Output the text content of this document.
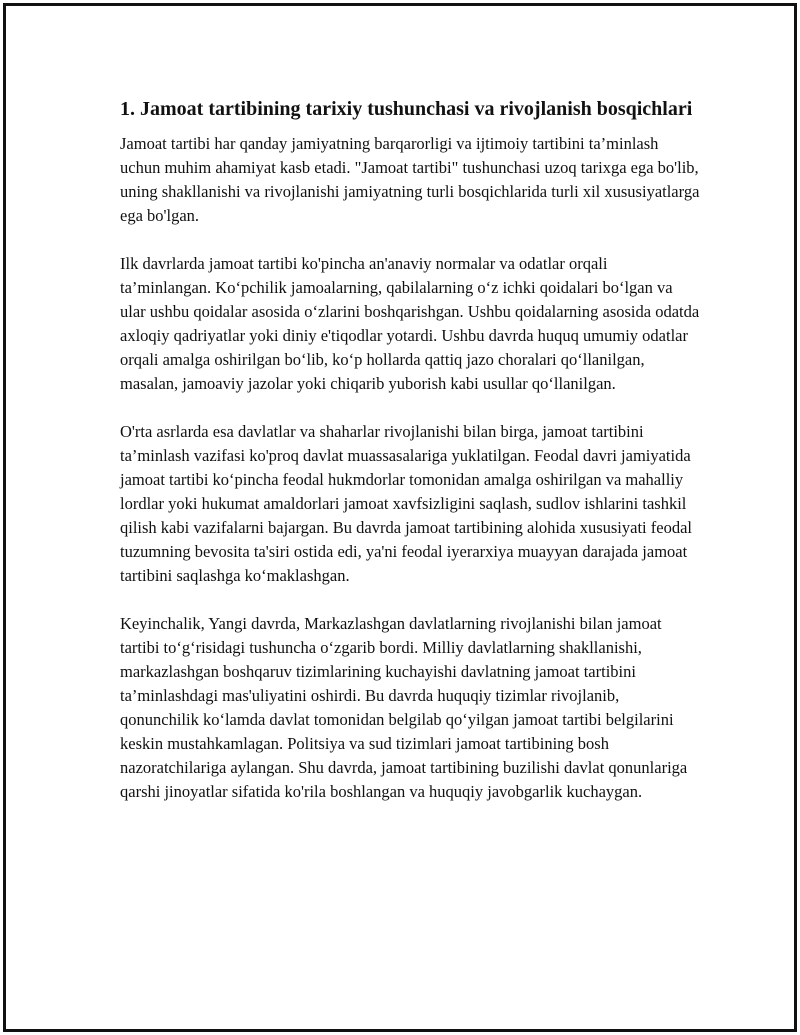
1. Jamoat tartibining tarixiy tushunchasi va rivojlanish bosqichlari

Jamoat tartibi har qanday jamiyatning barqarorligi va ijtimoiy tartibini ta’minlash uchun muhim ahamiyat kasb etadi. "Jamoat tartibi" tushunchasi uzoq tarixga ega bo'lib, uning shakllanishi va rivojlanishi jamiyatning turli bosqichlarida turli xil xususiyatlarga ega bo'lgan.

Ilk davrlarda jamoat tartibi ko'pincha an'anaviy normalar va odatlar orqali ta’minlangan. Ko‘pchilik jamoalarning, qabilalarning o‘z ichki qoidalari bo‘lgan va ular ushbu qoidalar asosida o‘zlarini boshqarishgan. Ushbu qoidalarning asosida odatda axloqiy qadriyatlar yoki diniy e'tiqodlar yotardi. Ushbu davrda huquq umumiy odatlar orqali amalga oshirilgan bo‘lib, ko‘p hollarda qattiq jazo choralari qo‘llanilgan, masalan, jamoaviy jazolar yoki chiqarib yuborish kabi usullar qo‘llanilgan.

O'rta asrlarda esa davlatlar va shaharlar rivojlanishi bilan birga, jamoat tartibini ta’minlash vazifasi ko'proq davlat muassasalariga yuklatilgan. Feodal davri jamiyatida jamoat tartibi ko‘pincha feodal hukmdorlar tomonidan amalga oshirilgan va mahalliy lordlar yoki hukumat amaldorlari jamoat xavfsizligini saqlash, sudlov ishlarini tashkil qilish kabi vazifalarni bajargan. Bu davrda jamoat tartibining alohida xususiyati feodal tuzumning bevosita ta'siri ostida edi, ya'ni feodal iyerarxiya muayyan darajada jamoat tartibini saqlashga ko‘maklashgan.

Keyinchalik, Yangi davrda, Markazlashgan davlatlarning rivojlanishi bilan jamoat tartibi to‘g‘risidagi tushuncha o‘zgarib bordi. Milliy davlatlarning shakllanishi, markazlashgan boshqaruv tizimlarining kuchayishi davlatning jamoat tartibini ta’minlashdagi mas'uliyatini oshirdi. Bu davrda huquqiy tizimlar rivojlanib, qonunchilik ko‘lamda davlat tomonidan belgilab qo‘yilgan jamoat tartibi belgilarini keskin mustahkamlagan. Politsiya va sud tizimlari jamoat tartibining bosh nazoratchilariga aylangan. Shu davrda, jamoat tartibining buzilishi davlat qonunlariga qarshi jinoyatlar sifatida ko'rila boshlangan va huquqiy javobgarlik kuchaygan.
